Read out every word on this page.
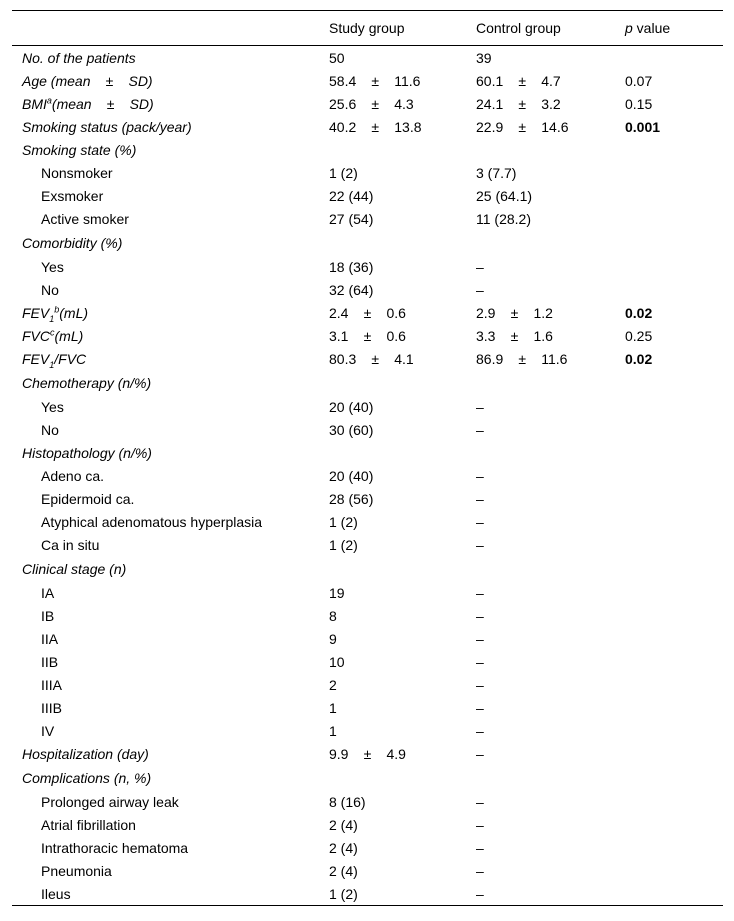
	Study group	Control group	p value
No. of the patients	50	39	
Age (mean ± SD)	58.4 ± 11.6	60.1 ± 4.7	0.07
$BMI^a(mean \pm SD)$	25.6 ± 4.3	24.1 ± 3.2	0.15
Smoking status (pack/year)	40.2 ± 13.8	22.9 ± 14.6	0.001
Smoking state (%)			
Nonsmoker	1 (2)	3 (7.7)	
Exsmoker	22 (44)	25 (64.1)	
Active smoker	27 (54)	11 (28.2)	
Comorbidity (%)			
Yes	18 (36)	–	
No	32 (64)	–	
$FEV_1^b(mL)$	2.4 ± 0.6	2.9 ± 1.2	0.02
FVC$^c$(mL)	3.1 ± 0.6	3.3 ± 1.6	0.25
$FEV_1$/FVC	80.3 ± 4.1	86.9 ± 11.6	0.02
Chemotherapy (n/%)			
Yes	20 (40)	–	
No	30 (60)	–	
Histopathology (n/%)			
Adeno ca.	20 (40)	–	
Epidermoid ca.	28 (56)	–	
Atyphical adenomatous hyperplasia	1 (2)	–	
Ca in situ	1 (2)	–	
Clinical stage (n)			
IA	19	–	
IB	8	–	
IIA	9	–	
IIB	10	–	
IIIA	2	–	
IIIB	1	–	
IV	1	–	
Hospitalization (day)	9.9 ± 4.9	–	
Complications (n, %)			
Prolonged airway leak	8 (16)	–	
Atrial fibrillation	2 (4)	–	
Intrathoracic hematoma	2 (4)	–	
Pneumonia	2 (4)	–	
Ileus	1 (2)	–	
